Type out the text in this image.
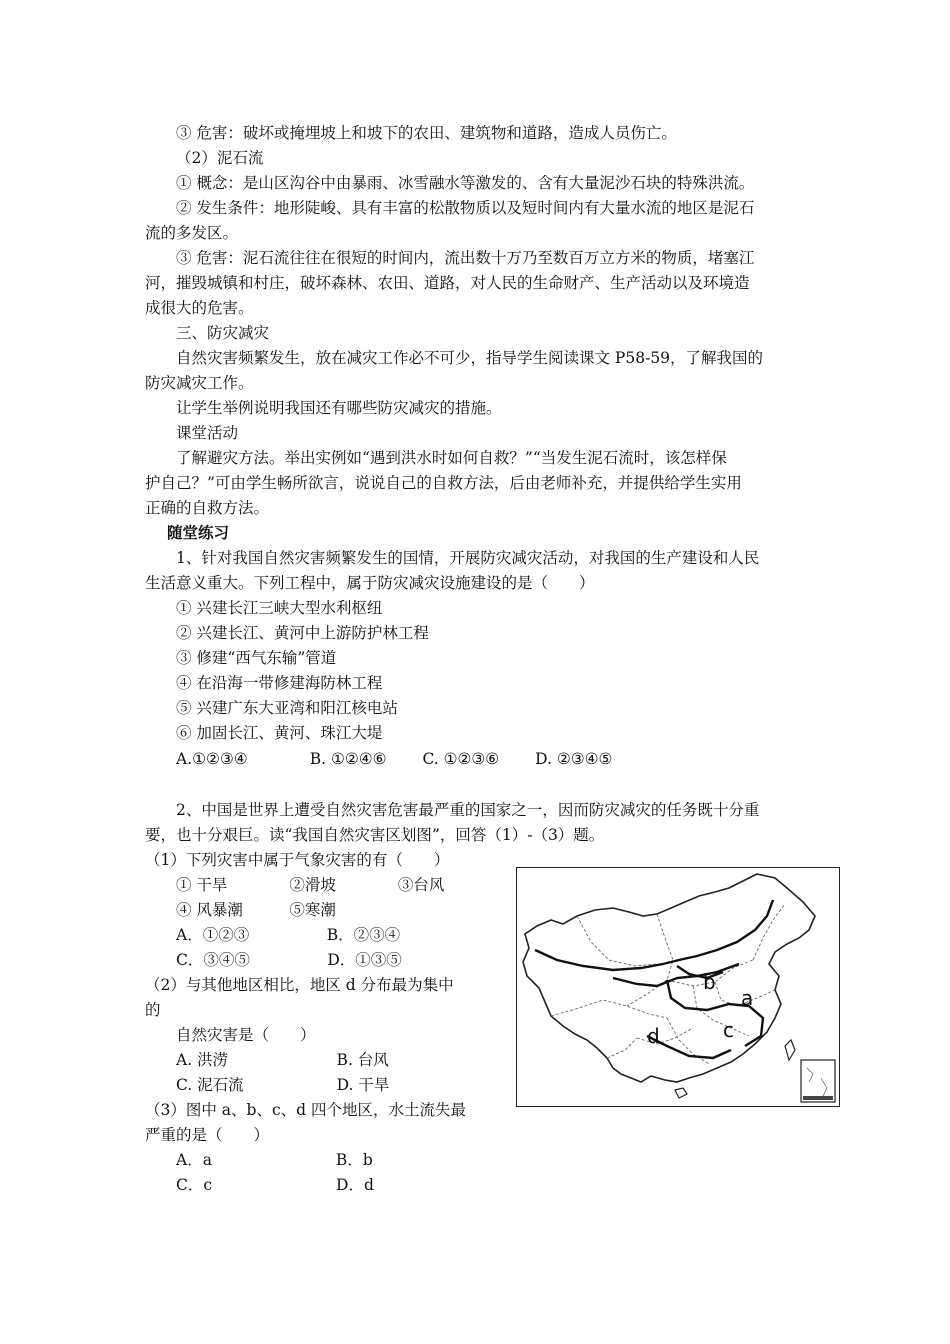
③ 危害：破坏或掩埋坡上和坡下的农田、建筑物和道路，造成人员伤亡。
（2）泥石流
① 概念：是山区沟谷中由暴雨、冰雪融水等激发的、含有大量泥沙石块的特殊洪流。
② 发生条件：地形陡峻、具有丰富的松散物质以及短时间内有大量水流的地区是泥石
流的多发区。
③ 危害：泥石流往往在很短的时间内，流出数十万乃至数百万立方米的物质，堵塞江
河，摧毁城镇和村庄，破坏森林、农田、道路，对人民的生命财产、生产活动以及环境造
成很大的危害。
三、防灾减灾
自然灾害频繁发生，放在减灾工作必不可少，指导学生阅读课文 P58-59，了解我国的
防灾减灾工作。
让学生举例说明我国还有哪些防灾减灾的措施。
课堂活动
了解避灾方法。举出实例如“遇到洪水时如何自救？”“当发生泥石流时，该怎样保
护自己？”可由学生畅所欲言，说说自己的自救方法，后由老师补充，并提供给学生实用
正确的自救方法。
随堂练习
1、针对我国自然灾害频繁发生的国情，开展防灾减灾活动，对我国的生产建设和人民
生活意义重大。下列工程中，属于防灾减灾设施建设的是（　　）
① 兴建长江三峡大型水利枢纽
② 兴建长江、黄河中上游防护林工程
③ 修建“西气东输”管道
④ 在沿海一带修建海防林工程
⑤ 兴建广东大亚湾和阳江核电站
⑥ 加固长江、黄河、珠江大堤
A.①②③④　　　　B. ①②④⑥　　 C. ①②③⑥　　 D. ②③④⑤
2、中国是世界上遭受自然灾害危害最严重的国家之一，因而防灾减灾的任务既十分重
要，也十分艰巨。读“我国自然灾害区划图”，回答（1）-（3）题。
（1）下列灾害中属于气象灾害的有（　　）
① 干旱　　　　②滑坡　　　　③台风
④ 风暴潮　　　⑤寒潮
A．①②③　　　　　B．②③④
C．③④⑤　　　　　D．①③⑤
（2）与其他地区相比，地区 d 分布最为集中
的
自然灾害是（　　）
A. 洪涝　　　　　　　B. 台风
C. 泥石流　　　　　　D. 干旱
（3）图中 a、b、c、d 四个地区，水土流失最
严重的是（　　）
A．a　　　　　　　　B．b
C．c　　　　　　　　D．d
a
b
c
d
